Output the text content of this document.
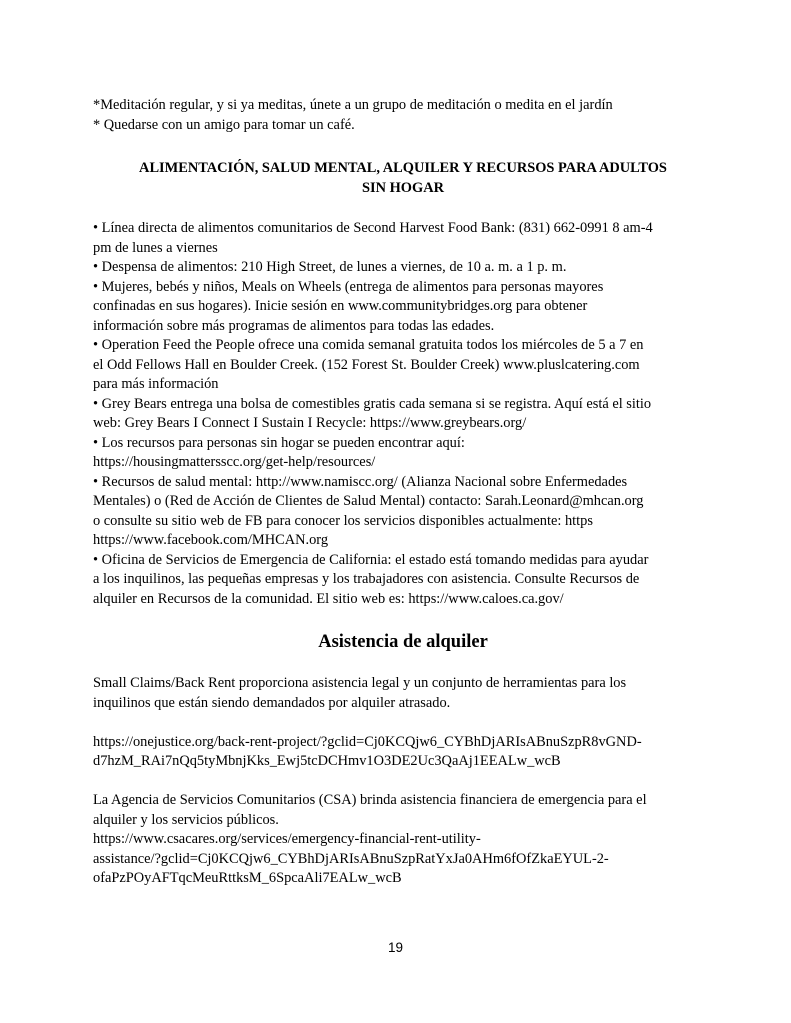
*Meditación regular, y si ya meditas, únete a un grupo de meditación o medita en el jardín

* Quedarse con un amigo para tomar un café.

ALIMENTACIÓN, SALUD MENTAL, ALQUILER Y RECURSOS PARA ADULTOS
SIN HOGAR

• Línea directa de alimentos comunitarios de Second Harvest Food Bank: (831) 662-0991 8 am-4

pm de lunes a viernes

• Despensa de alimentos: 210 High Street, de lunes a viernes, de 10 a. m. a 1 p. m.

• Mujeres, bebés y niños, Meals on Wheels (entrega de alimentos para personas mayores

confinadas en sus hogares). Inicie sesión en www.communitybridges.org para obtener

información sobre más programas de alimentos para todas las edades.

• Operation Feed the People ofrece una comida semanal gratuita todos los miércoles de 5 a 7 en

el Odd Fellows Hall en Boulder Creek. (152 Forest St. Boulder Creek) www.pluslcatering.com

para más información

• Grey Bears entrega una bolsa de comestibles gratis cada semana si se registra. Aquí está el sitio

web: Grey Bears I Connect I Sustain I Recycle: https://www.greybears.org/

• Los recursos para personas sin hogar se pueden encontrar aquí:

https://housingmattersscc.org/get-help/resources/

• Recursos de salud mental: http://www.namiscc.org/ (Alianza Nacional sobre Enfermedades

Mentales) o (Red de Acción de Clientes de Salud Mental) contacto: Sarah.Leonard@mhcan.org

o consulte su sitio web de FB para conocer los servicios disponibles actualmente: https

https://www.facebook.com/MHCAN.org

• Oficina de Servicios de Emergencia de California: el estado está tomando medidas para ayudar

a los inquilinos, las pequeñas empresas y los trabajadores con asistencia. Consulte Recursos de

alquiler en Recursos de la comunidad. El sitio web es: https://www.caloes.ca.gov/

Asistencia de alquiler

Small Claims/Back Rent proporciona asistencia legal y un conjunto de herramientas para los

inquilinos que están siendo demandados por alquiler atrasado.

https://onejustice.org/back-rent-project/?gclid=Cj0KCQjw6_CYBhDjARIsABnuSzpR8vGND-

d7hzM_RAi7nQq5tyMbnjKks_Ewj5tcDCHmv1O3DE2Uc3QaAj1EEALw_wcB

La Agencia de Servicios Comunitarios (CSA) brinda asistencia financiera de emergencia para el

alquiler y los servicios públicos.

https://www.csacares.org/services/emergency-financial-rent-utility-

assistance/?gclid=Cj0KCQjw6_CYBhDjARIsABnuSzpRatYxJa0AHm6fOfZkaEYUL-2-

ofaPzPOyAFTqcMeuRttksM_6SpcaAli7EALw_wcB

19
